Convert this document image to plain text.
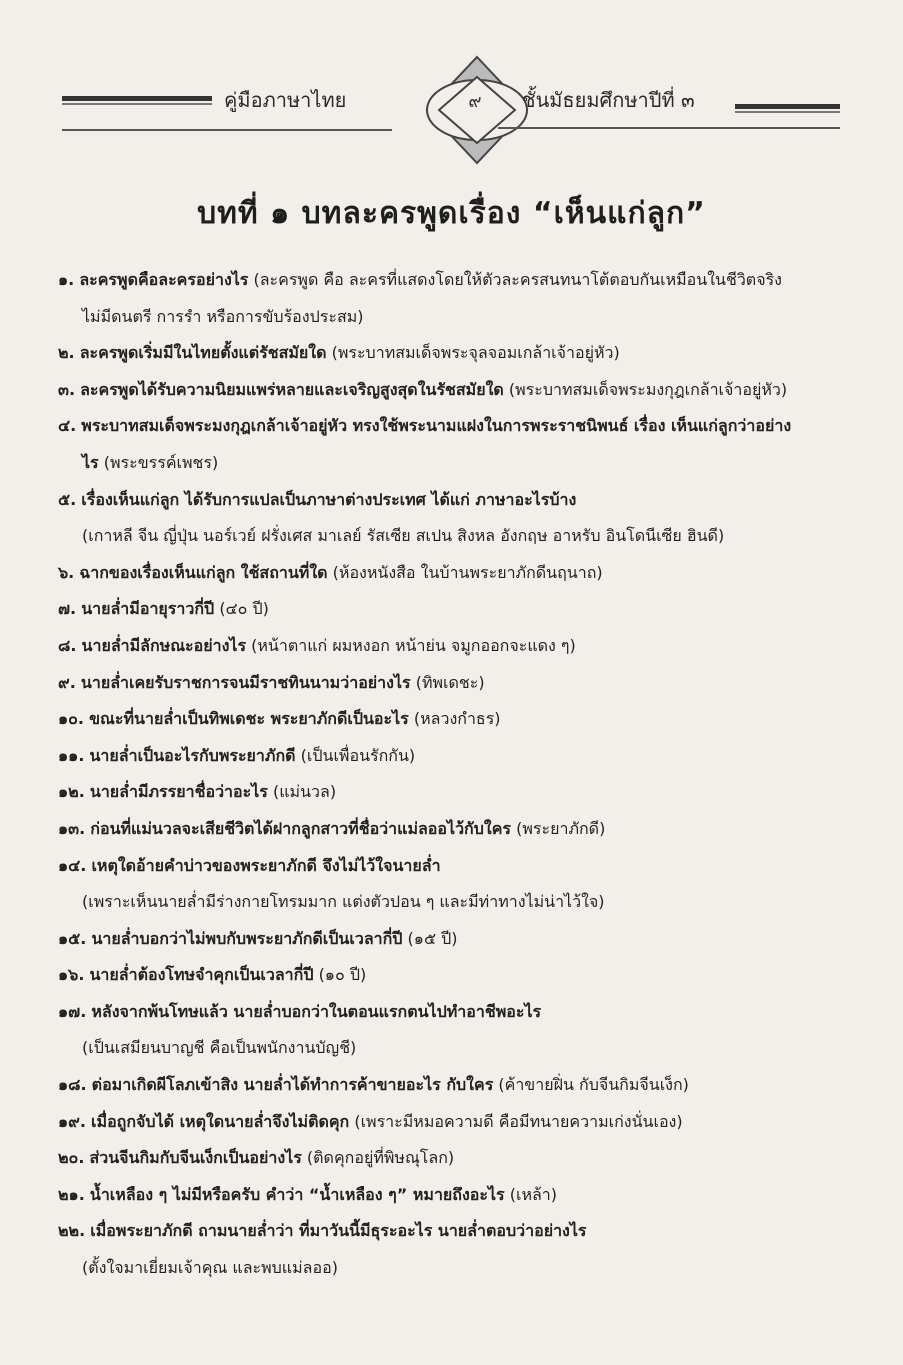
คู่มือภาษาไทย	๙	ชั้นมัธยมศึกษาปีที่ ๓
บทที่ ๑ บทละครพูดเรื่อง “เห็นแก่ลูก”
๑. ละครพูดคือละครอย่างไร (ละครพูด คือ ละครที่แสดงโดยให้ตัวละครสนทนาโต้ตอบกันเหมือนในชีวิตจริง
ไม่มีดนตรี การรำ หรือการขับร้องประสม)
๒. ละครพูดเริ่มมีในไทยตั้งแต่รัชสมัยใด (พระบาทสมเด็จพระจุลจอมเกล้าเจ้าอยู่หัว)
๓. ละครพูดได้รับความนิยมแพร่หลายและเจริญสูงสุดในรัชสมัยใด (พระบาทสมเด็จพระมงกุฎเกล้าเจ้าอยู่หัว)
๔. พระบาทสมเด็จพระมงกุฎเกล้าเจ้าอยู่หัว ทรงใช้พระนามแฝงในการพระราชนิพนธ์ เรื่อง เห็นแก่ลูกว่าอย่าง
ไร (พระขรรค์เพชร)
๕. เรื่องเห็นแก่ลูก ได้รับการแปลเป็นภาษาต่างประเทศ ได้แก่ ภาษาอะไรบ้าง
(เกาหลี จีน ญี่ปุ่น นอร์เวย์ ฝรั่งเศส มาเลย์ รัสเซีย สเปน สิงหล อังกฤษ อาหรับ อินโดนีเซีย ฮินดี)
๖. ฉากของเรื่องเห็นแก่ลูก ใช้สถานที่ใด (ห้องหนังสือ ในบ้านพระยาภักดีนฤนาถ)
๗. นายล่ำมีอายุราวกี่ปี (๔๐ ปี)
๘. นายล่ำมีลักษณะอย่างไร (หน้าตาแก่ ผมหงอก หน้าย่น จมูกออกจะแดง ๆ)
๙. นายล่ำเคยรับราชการจนมีราชทินนามว่าอย่างไร (ทิพเดชะ)
๑๐. ขณะที่นายล่ำเป็นทิพเดชะ พระยาภักดีเป็นอะไร (หลวงกำธร)
๑๑. นายล่ำเป็นอะไรกับพระยาภักดี (เป็นเพื่อนรักกัน)
๑๒. นายล่ำมีภรรยาชื่อว่าอะไร (แม่นวล)
๑๓. ก่อนที่แม่นวลจะเสียชีวิตได้ฝากลูกสาวที่ชื่อว่าแม่ลออไว้กับใคร (พระยาภักดี)
๑๔. เหตุใดอ้ายคำบ่าวของพระยาภักดี จึงไม่ไว้ใจนายล่ำ
(เพราะเห็นนายล่ำมีร่างกายโทรมมาก แต่งตัวปอน ๆ และมีท่าทางไม่น่าไว้ใจ)
๑๕. นายล่ำบอกว่าไม่พบกับพระยาภักดีเป็นเวลากี่ปี (๑๕ ปี)
๑๖. นายล่ำต้องโทษจำคุกเป็นเวลากี่ปี (๑๐ ปี)
๑๗. หลังจากพ้นโทษแล้ว นายล่ำบอกว่าในตอนแรกตนไปทำอาชีพอะไร
(เป็นเสมียนบาญชี คือเป็นพนักงานบัญชี)
๑๘. ต่อมาเกิดผีโลภเข้าสิง นายล่ำได้ทำการค้าขายอะไร กับใคร (ค้าขายฝิ่น กับจีนกิมจีนเง็ก)
๑๙. เมื่อถูกจับได้ เหตุใดนายล่ำจึงไม่ติดคุก (เพราะมีหมอความดี คือมีทนายความเก่งนั่นเอง)
๒๐. ส่วนจีนกิมกับจีนเง็กเป็นอย่างไร (ติดคุกอยู่ที่พิษณุโลก)
๒๑. น้ำเหลือง ๆ ไม่มีหรือครับ คำว่า “น้ำเหลือง ๆ” หมายถึงอะไร (เหล้า)
๒๒. เมื่อพระยาภักดี ถามนายล่ำว่า ที่มาวันนี้มีธุระอะไร นายล่ำตอบว่าอย่างไร
(ตั้งใจมาเยี่ยมเจ้าคุณ และพบแม่ลออ)
